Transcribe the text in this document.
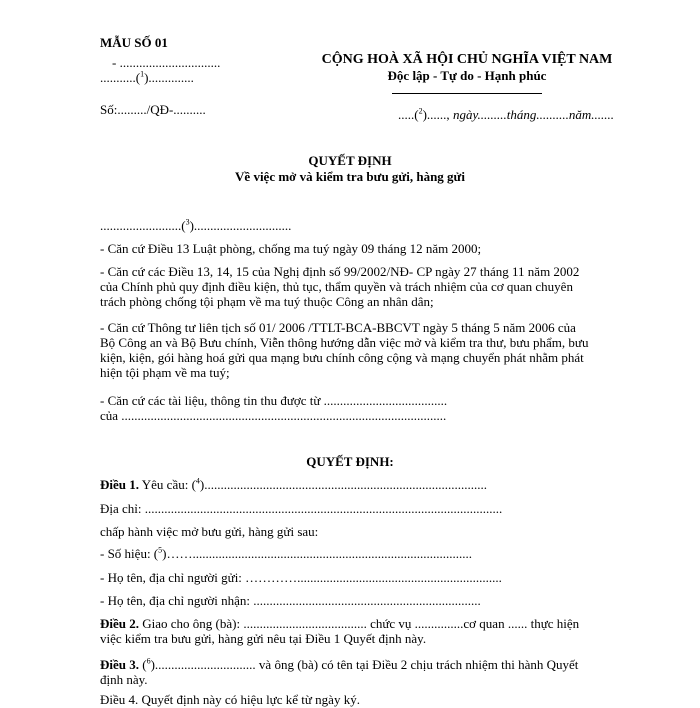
MẪU SỐ 01
- ...............................
...........($^1$)..............
Số:........./QĐ-..........
CỘNG HOÀ XÃ HỘI CHỦ NGHĨA VIỆT NAM
Độc lập - Tự do - Hạnh phúc
.....($^2$)......, ngày.........tháng..........năm.......
QUYẾT ĐỊNH
Về việc mở và kiểm tra bưu gửi, hàng gửi
.........................($^3$)..............................
- Căn cứ Điều 13 Luật phòng, chống ma tuý ngày 09 tháng 12 năm 2000;
- Căn cứ các Điều 13, 14, 15 của Nghị định số 99/2002/NĐ- CP ngày 27 tháng 11 năm 2002
của Chính phủ quy định điều kiện, thủ tục, thẩm quyền và trách nhiệm của cơ quan chuyên
trách phòng chống tội phạm về ma tuý thuộc Công an nhân dân;
- Căn cứ Thông tư liên tịch số 01/ 2006 /TTLT-BCA-BBCVT ngày 5 tháng 5 năm 2006 của
Bộ Công an và Bộ Bưu chính, Viễn thông hướng dẫn việc mở và kiểm tra thư, bưu phẩm, bưu
kiện, kiện, gói hàng hoá gửi qua mạng bưu chính công cộng và mạng chuyển phát nhằm phát
hiện tội phạm về ma tuý;
- Căn cứ các tài liệu, thông tin thu được từ ......................................
của ....................................................................................................
QUYẾT ĐỊNH:
Điều 1. Yêu cầu: ($^4$).......................................................................................
Địa chỉ: ..............................................................................................................
chấp hành việc mở bưu gửi, hàng gửi sau:
- Số hiệu: ($^5$)……......................................................................................
- Họ tên, địa chỉ người gửi: …………...............................................................
- Họ tên, địa chỉ người nhận: ......................................................................
Điều 2. Giao cho ông (bà): ...................................... chức vụ ...............cơ quan ...... thực hiện
việc kiểm tra bưu gửi, hàng gửi nêu tại Điều 1 Quyết định này.
Điều 3. ($^6$)............................... và ông (bà) có tên tại Điều 2 chịu trách nhiệm thi hành Quyết
định này.
Điều 4. Quyết định này có hiệu lực kể từ ngày ký.
